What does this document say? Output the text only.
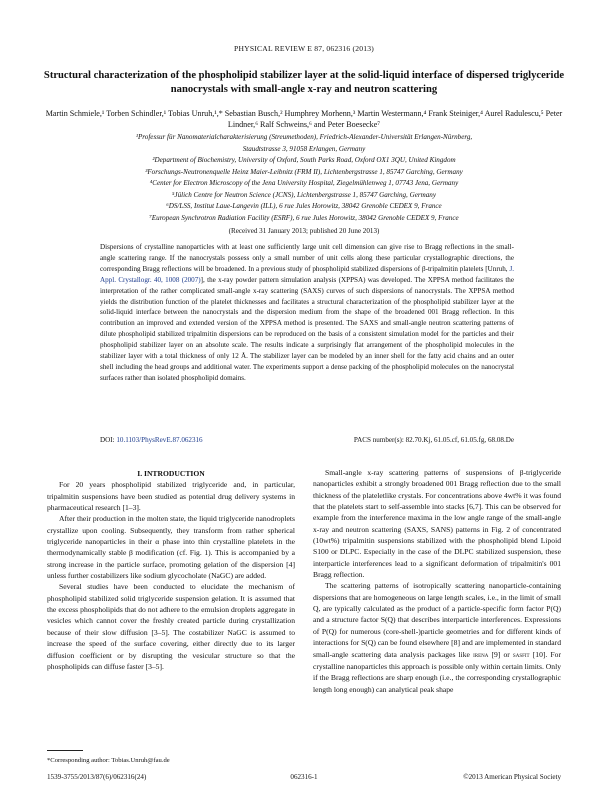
PHYSICAL REVIEW E 87, 062316 (2013)
Structural characterization of the phospholipid stabilizer layer at the solid-liquid interface of dispersed triglyceride nanocrystals with small-angle x-ray and neutron scattering
Martin Schmiele,¹ Torben Schindler,¹ Tobias Unruh,¹,* Sebastian Busch,² Humphrey Morhenn,³ Martin Westermann,⁴ Frank Steiniger,⁴ Aurel Radulescu,⁵ Peter Lindner,⁶ Ralf Schweins,⁶ and Peter Boesecke⁷
¹Professur für Nanomaterialcharakterisierung (Streumethoden), Friedrich-Alexander-Universität Erlangen-Nürnberg,
Staudtstrasse 3, 91058 Erlangen, Germany
²Department of Biochemistry, University of Oxford, South Parks Road, Oxford OX1 3QU, United Kingdom
³Forschungs-Neutronenquelle Heinz Maier-Leibnitz (FRM II), Lichtenbergstrasse 1, 85747 Garching, Germany
⁴Center for Electron Microscopy of the Jena University Hospital, Ziegelmühlenweg 1, 07743 Jena, Germany
⁵Jülich Centre for Neutron Science (JCNS), Lichtenbergstrasse 1, 85747 Garching, Germany
⁶DS/LSS, Institut Laue-Langevin (ILL), 6 rue Jules Horowitz, 38042 Grenoble CEDEX 9, France
⁷European Synchrotron Radiation Facility (ESRF), 6 rue Jules Horowitz, 38042 Grenoble CEDEX 9, France
(Received 31 January 2013; published 20 June 2013)
Dispersions of crystalline nanoparticles with at least one sufficiently large unit cell dimension can give rise to Bragg reflections in the small-angle scattering range. If the nanocrystals possess only a small number of unit cells along these particular crystallographic directions, the corresponding Bragg reflections will be broadened. In a previous study of phospholipid stabilized dispersions of β-tripalmitin platelets [Unruh, J. Appl. Crystallogr. 40, 1008 (2007)], the x-ray powder pattern simulation analysis (XPPSA) was developed. The XPPSA method facilitates the interpretation of the rather complicated small-angle x-ray scattering (SAXS) curves of such dispersions of nanocrystals. The XPPSA method yields the distribution function of the platelet thicknesses and facilitates a structural characterization of the phospholipid stabilizer layer at the solid-liquid interface between the nanocrystals and the dispersion medium from the shape of the broadened 001 Bragg reflection. In this contribution an improved and extended version of the XPPSA method is presented. The SAXS and small-angle neutron scattering patterns of dilute phospholipid stabilized tripalmitin dispersions can be reproduced on the basis of a consistent simulation model for the particles and their phospholipid stabilizer layer on an absolute scale. The results indicate a surprisingly flat arrangement of the phospholipid molecules in the stabilizer layer with a total thickness of only 12 Å. The stabilizer layer can be modeled by an inner shell for the fatty acid chains and an outer shell including the head groups and additional water. The experiments support a dense packing of the phospholipid molecules on the nanocrystal surfaces rather than isolated phospholipid domains.
DOI: 10.1103/PhysRevE.87.062316	PACS number(s): 82.70.Kj, 61.05.cf, 61.05.fg, 68.08.De

I. INTRODUCTION

For 20 years phospholipid stabilized triglyceride and, in particular, tripalmitin suspensions have been studied as potential drug delivery systems in pharmaceutical research [1–3].

After their production in the molten state, the liquid triglyceride nanodroplets crystallize upon cooling. Subsequently, they transform from rather spherical triglyceride nanoparticles in their α phase into thin crystalline platelets in the thermodynamically stable β modification (cf. Fig. 1). This is accompanied by a strong increase in the particle surface, promoting gelation of the dispersion [4] unless further costabilizers like sodium glycocholate (NaGC) are added.

Several studies have been conducted to elucidate the mechanism of phospholipid stabilized solid triglyceride suspension gelation. It is assumed that the excess phospholipids that do not adhere to the emulsion droplets aggregate in vesicles which cannot cover the freshly created particle during crystallization because of their slow diffusion [3–5]. The costabilizer NaGC is assumed to increase the speed of the surface covering, either directly due to its larger diffusion coefficient or by disrupting the vesicular structure so that the phospholipids can diffuse faster [3–5].

Small-angle x-ray scattering patterns of suspensions of β-triglyceride nanoparticles exhibit a strongly broadened 001 Bragg reflection due to the small thickness of the plateletlike crystals. For concentrations above 4wt% it was found that the platelets start to self-assemble into stacks [6,7]. This can be observed for example from the interference maxima in the low angle range of the small-angle x-ray and neutron scattering (SAXS, SANS) patterns in Fig. 2 of concentrated (10wt%) tripalmitin suspensions stabilized with the phospholipid blend Lipoid S100 or DLPC. Especially in the case of the DLPC stabilized suspension, these interparticle interferences lead to a significant deformation of tripalmitin's 001 Bragg reflection.

The scattering patterns of isotropically scattering nanoparticle-containing dispersions that are homogeneous on large length scales, i.e., in the limit of small Q, are typically calculated as the product of a particle-specific form factor P(Q) and a structure factor S(Q) that describes interparticle interferences. Expressions of P(Q) for numerous (core-shell-)particle geometries and for different kinds of interactions for S(Q) can be found elsewhere [8] and are implemented in standard small-angle scattering data analysis packages like irena [9] or sasfit [10]. For crystalline nanoparticles this approach is possible only within certain limits. Only if the Bragg reflections are sharp enough (i.e., the corresponding crystallographic length long enough) can analytical peak shape

*Corresponding author: Tobias.Unruh@fau.de
1539-3755/2013/87(6)/062316(24)	062316-1	©2013 American Physical Society
